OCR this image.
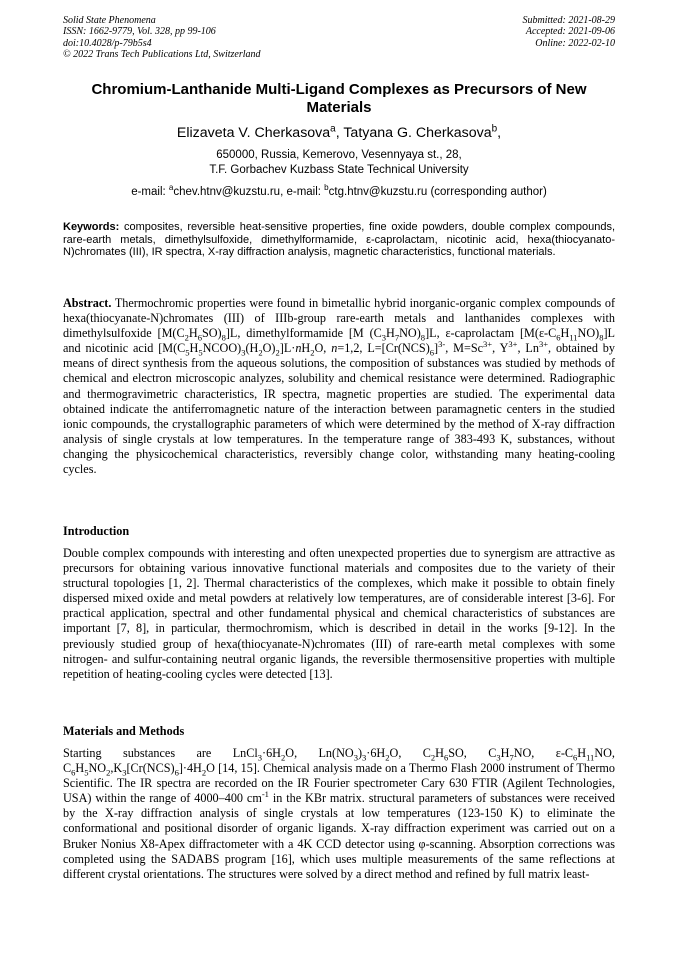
Solid State Phenomena
ISSN: 1662-9779, Vol. 328, pp 99-106
doi:10.4028/p-79b5s4
© 2022 Trans Tech Publications Ltd, Switzerland
Submitted: 2021-08-29
Accepted: 2021-09-06
Online: 2022-02-10
Chromium-Lanthanide Multi-Ligand Complexes as Precursors of New Materials
Elizaveta V. Cherkasova$^a$, Tatyana G. Cherkasova$^b$,
650000, Russia, Kemerovo, Vesennyaya st., 28,
T.F. Gorbachev Kuzbass State Technical University
e-mail: $^a$chev.htnv@kuzstu.ru, e-mail: $^b$ctg.htnv@kuzstu.ru (corresponding author)
Keywords: composites, reversible heat-sensitive properties, fine oxide powders, double complex compounds, rare-earth metals, dimethylsulfoxide, dimethylformamide, ε-caprolactam, nicotinic acid, hexa(thiocyanato-N)chromates (III), IR spectra, X-ray diffraction analysis, magnetic characteristics, functional materials.
Abstract. Thermochromic properties were found in bimetallic hybrid inorganic-organic complex compounds of hexa(thiocyanate-N)chromates (III) of IIIb-group rare-earth metals and lanthanides complexes with dimethylsulfoxide $[M(C_2H_6SO)_8]L$, dimethylformamide [M $(C_3H_7NO)_8]L$, ε-caprolactam $[M(\varepsilon-C_6H_{11}NO)_8]L$ and nicotinic acid $[M(C_5H_5NCOO)_3(H_2O)_2]L\cdot nH_2O$, n=1,2, $L=[Cr(NCS)_6]^{3-}$, $M=Sc^{3+}$, $Y^{3+}$, $Ln^{3+}$, obtained by means of direct synthesis from the aqueous solutions, the composition of substances was studied by methods of chemical and electron microscopic analyzes, solubility and chemical resistance were determined. Radiographic and thermogravimetric characteristics, IR spectra, magnetic properties are studied. The experimental data obtained indicate the antiferromagnetic nature of the interaction between paramagnetic centers in the studied ionic compounds, the crystallographic parameters of which were determined by the method of X-ray diffraction analysis of single crystals at low temperatures. In the temperature range of 383-493 K, substances, without changing the physicochemical characteristics, reversibly change color, withstanding many heating-cooling cycles.
Introduction
Double complex compounds with interesting and often unexpected properties due to synergism are attractive as precursors for obtaining various innovative functional materials and composites due to the variety of their structural topologies [1, 2]. Thermal characteristics of the complexes, which make it possible to obtain finely dispersed mixed oxide and metal powders at relatively low temperatures, are of considerable interest [3-6]. For practical application, spectral and other fundamental physical and chemical characteristics of substances are important [7, 8], in particular, thermochromism, which is described in detail in the works [9-12]. In the previously studied group of hexa(thiocyanate-N)chromates (III) of rare-earth metal complexes with some nitrogen- and sulfur-containing neutral organic ligands, the reversible thermosensitive properties with multiple repetition of heating-cooling cycles were detected [13].
Materials and Methods
Starting substances are $LnCl_3\cdot 6H_2O$, $Ln(NO_3)_3\cdot 6H_2O$, $C_2H_6SO$, $C_3H_7NO$, $\varepsilon-C_6H_{11}NO$, $C_6H_5NO_2,K_3[Cr(NCS)_6]\cdot 4H_2O$ [14, 15]. Chemical analysis made on a Thermo Flash 2000 instrument of Thermo Scientific. The IR spectra are recorded on the IR Fourier spectrometer Cary 630 FTIR (Agilent Technologies, USA) within the range of 4000–400 $cm^{-1}$ in the KBr matrix. structural parameters of substances were received by the X-ray diffraction analysis of single crystals at low temperatures (123-150 K) to eliminate the conformational and positional disorder of organic ligands. X-ray diffraction experiment was carried out on a Bruker Nonius X8-Apex diffractometer with a 4K CCD detector using φ-scanning. Absorption corrections was completed using the SADABS program [16], which uses multiple measurements of the same reflections at different crystal orientations. The structures were solved by a direct method and refined by full matrix least-
